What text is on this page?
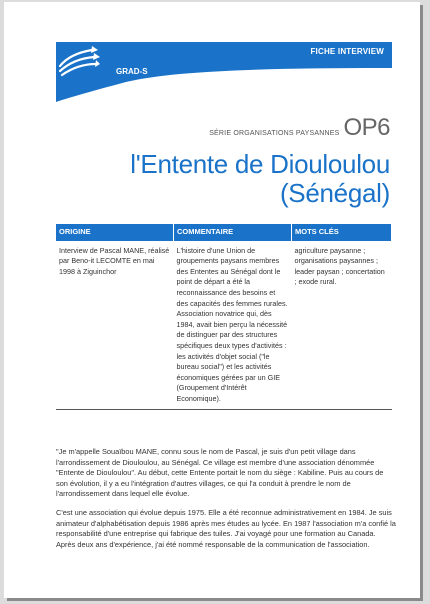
FICHE INTERVIEW
GRAD-S
SÉRIE ORGANISATIONS PAYSANNES OP6
l'Entente de Diouloulou
(Sénégal)
ORIGINE	COMMENTAIRE	MOTS CLÉS
Interview de Pascal MANE, réalisé par Beno-it LECOMTE en mai 1998 à Ziguinchor	L'histoire d'une Union de groupements paysans membres des Ententes au Sénégal dont le point de départ a été la reconnaissance des besoins et des capacités des femmes rurales. Association novatrice qui, dès 1984, avait bien perçu la nécessité de distinguer par des structures spécifiques deux types d'activités : les activités d'objet social ("le bureau social") et les activités économiques gérées par un GIE (Groupement d'Intérêt Economique).	agriculture paysanne ; organisations paysannes ; leader paysan ; concertation ; exode rural.

"Je m'appelle Souaïbou MANE, connu sous le nom de Pascal, je suis d'un petit village dans l'arrondissement de Diouloulou, au Sénégal. Ce village est membre d'une association dénommée "Entente de Diouloulou". Au début, cette Entente portait le nom du siège : Kabiline. Puis au cours de son évolution, il y a eu l'intégration d'autres villages, ce qui l'a conduit à prendre le nom de l'arrondissement dans lequel elle évolue.

C'est une association qui évolue depuis 1975. Elle a été reconnue administrativement en 1984. Je suis animateur d'alphabétisation depuis 1986 après mes études au lycée. En 1987 l'association m'a confié la responsabilité d'une entreprise qui fabrique des tuiles. J'ai voyagé pour une formation au Canada. Après deux ans d'expérience, j'ai été nommé responsable de la communication de l'association.
